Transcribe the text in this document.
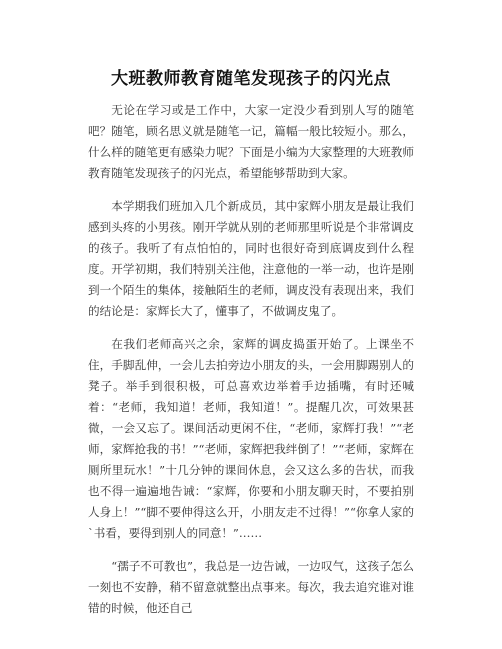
大班教师教育随笔发现孩子的闪光点

无论在学习或是工作中，大家一定没少看到别人写的随笔吧？随笔，顾名思义就是随笔一记，篇幅一般比较短小。那么，什么样的随笔更有感染力呢？下面是小编为大家整理的大班教师教育随笔发现孩子的闪光点，希望能够帮助到大家。

本学期我们班加入几个新成员，其中家辉小朋友是最让我们感到头疼的小男孩。刚开学就从别的老师那里听说是个非常调皮的孩子。我听了有点怕怕的，同时也很好奇到底调皮到什么程度。开学初期，我们特别关注他，注意他的一举一动，也许是刚到一个陌生的集体，接触陌生的老师，调皮没有表现出来，我们的结论是：家辉长大了，懂事了，不做调皮鬼了。

在我们老师高兴之余，家辉的调皮捣蛋开始了。上课坐不住，手脚乱伸，一会儿去拍旁边小朋友的头，一会用脚踢别人的凳子。举手到很积极，可总喜欢边举着手边插嘴，有时还喊着：“老师，我知道！老师，我知道！”。提醒几次，可效果甚微，一会又忘了。课间活动更闲不住，“老师，家辉打我！”“老师，家辉抢我的书！”“老师，家辉把我绊倒了！”“老师，家辉在厕所里玩水！”十几分钟的课间休息，会又这么多的告状，而我也不得一遍遍地告诫：“家辉，你要和小朋友聊天时，不要拍别人身上！”“脚不要伸得这么开，小朋友走不过得！”“你拿人家的`书看，要得到别人的同意！”……

“孺子不可教也”，我总是一边告诫，一边叹气，这孩子怎么一刻也不安静，稍不留意就整出点事来。每次，我去追究谁对谁错的时候，他还自己
